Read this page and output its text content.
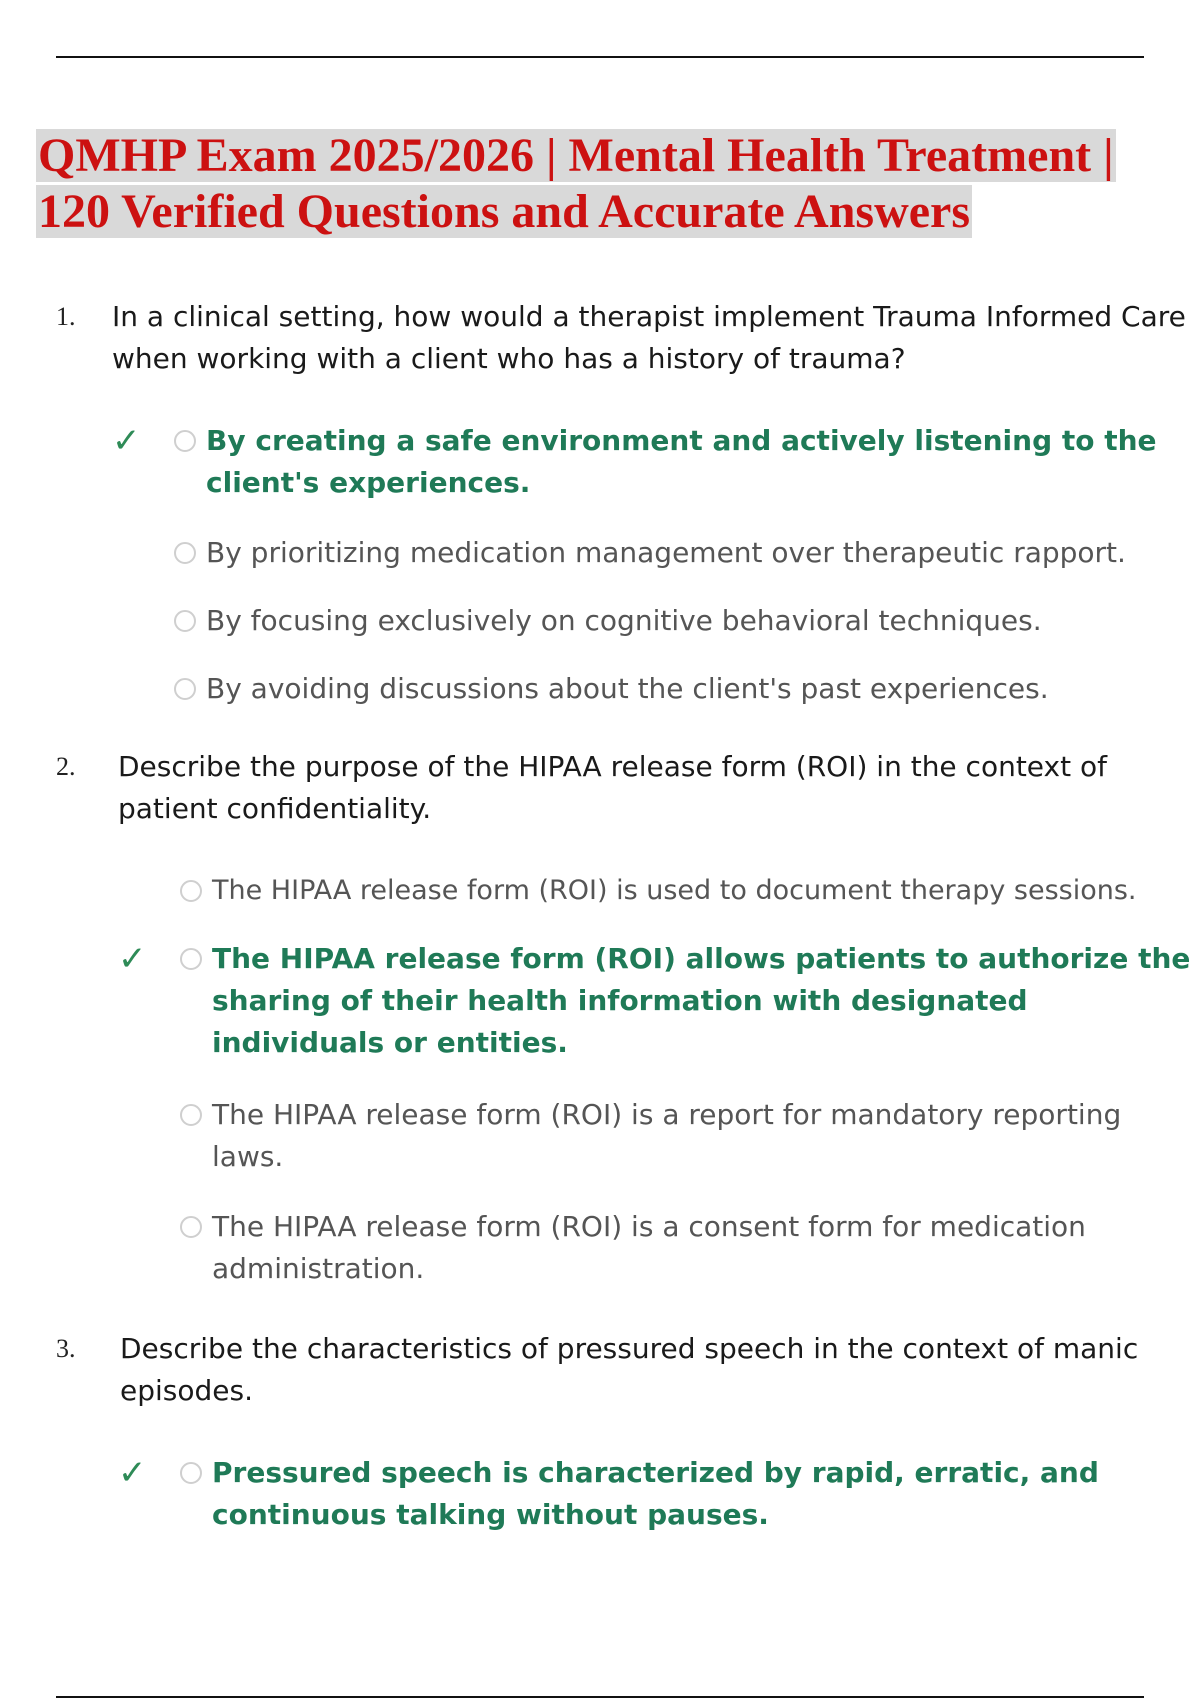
QMHP Exam 2025/2026 | Mental Health Treatment |
120 Verified Questions and Accurate Answers
1. In a clinical setting, how would a therapist implement Trauma Informed Care when working with a client who has a history of trauma?
✓ By creating a safe environment and actively listening to the client's experiences.
By prioritizing medication management over therapeutic rapport.
By focusing exclusively on cognitive behavioral techniques.
By avoiding discussions about the client's past experiences.
2. Describe the purpose of the HIPAA release form (ROI) in the context of patient confidentiality.
The HIPAA release form (ROI) is used to document therapy sessions.
✓ The HIPAA release form (ROI) allows patients to authorize the sharing of their health information with designated individuals or entities.
The HIPAA release form (ROI) is a report for mandatory reporting laws.
The HIPAA release form (ROI) is a consent form for medication administration.
3. Describe the characteristics of pressured speech in the context of manic episodes.
✓ Pressured speech is characterized by rapid, erratic, and continuous talking without pauses.
